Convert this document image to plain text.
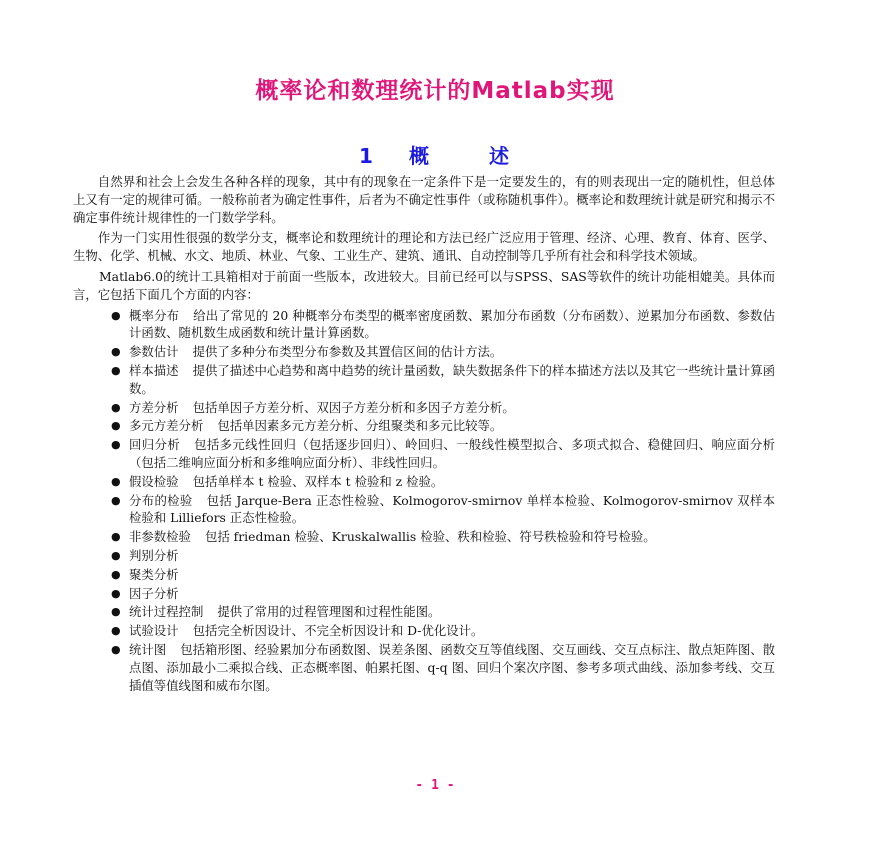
概率论和数理统计的Matlab实现
1 概	述

自然界和社会上会发生各种各样的现象，其中有的现象在一定条件下是一定要发生的，有的则表现出一定的随机性，但总体上又有一定的规律可循。一般称前者为确定性事件，后者为不确定性事件（或称随机事件）。概率论和数理统计就是研究和揭示不确定事件统计规律性的一门数学学科。

作为一门实用性很强的数学分支，概率论和数理统计的理论和方法已经广泛应用于管理、经济、心理、教育、体育、医学、生物、化学、机械、水文、地质、林业、气象、工业生产、建筑、通讯、自动控制等几乎所有社会和科学技术领域。

Matlab6.0的统计工具箱相对于前面一些版本，改进较大。目前已经可以与SPSS、SAS等软件的统计功能相媲美。具体而言，它包括下面几个方面的内容：

● 概率分布 给出了常见的 20 种概率分布类型的概率密度函数、累加分布函数（分布函数）、逆累加分布函数、参数估计函数、随机数生成函数和统计量计算函数。
● 参数估计 提供了多种分布类型分布参数及其置信区间的估计方法。
● 样本描述 提供了描述中心趋势和离中趋势的统计量函数，缺失数据条件下的样本描述方法以及其它一些统计量计算函数。
● 方差分析 包括单因子方差分析、双因子方差分析和多因子方差分析。
● 多元方差分析 包括单因素多元方差分析、分组聚类和多元比较等。
● 回归分析 包括多元线性回归（包括逐步回归）、岭回归、一般线性模型拟合、多项式拟合、稳健回归、响应面分析（包括二维响应面分析和多维响应面分析）、非线性回归。
● 假设检验 包括单样本 t 检验、双样本 t 检验和 z 检验。
● 分布的检验 包括 Jarque-Bera 正态性检验、Kolmogorov-smirnov 单样本检验、Kolmogorov-smirnov 双样本检验和 Lilliefors 正态性检验。
● 非参数检验 包括 friedman 检验、Kruskalwallis 检验、秩和检验、符号秩检验和符号检验。
● 判别分析
● 聚类分析
● 因子分析
● 统计过程控制 提供了常用的过程管理图和过程性能图。
● 试验设计 包括完全析因设计、不完全析因设计和 D-优化设计。
● 统计图 包括箱形图、经验累加分布函数图、误差条图、函数交互等值线图、交互画线、交互点标注、散点矩阵图、散点图、添加最小二乘拟合线、正态概率图、帕累托图、q-q 图、回归个案次序图、参考多项式曲线、添加参考线、交互插值等值线图和威布尔图。
- 1 -
